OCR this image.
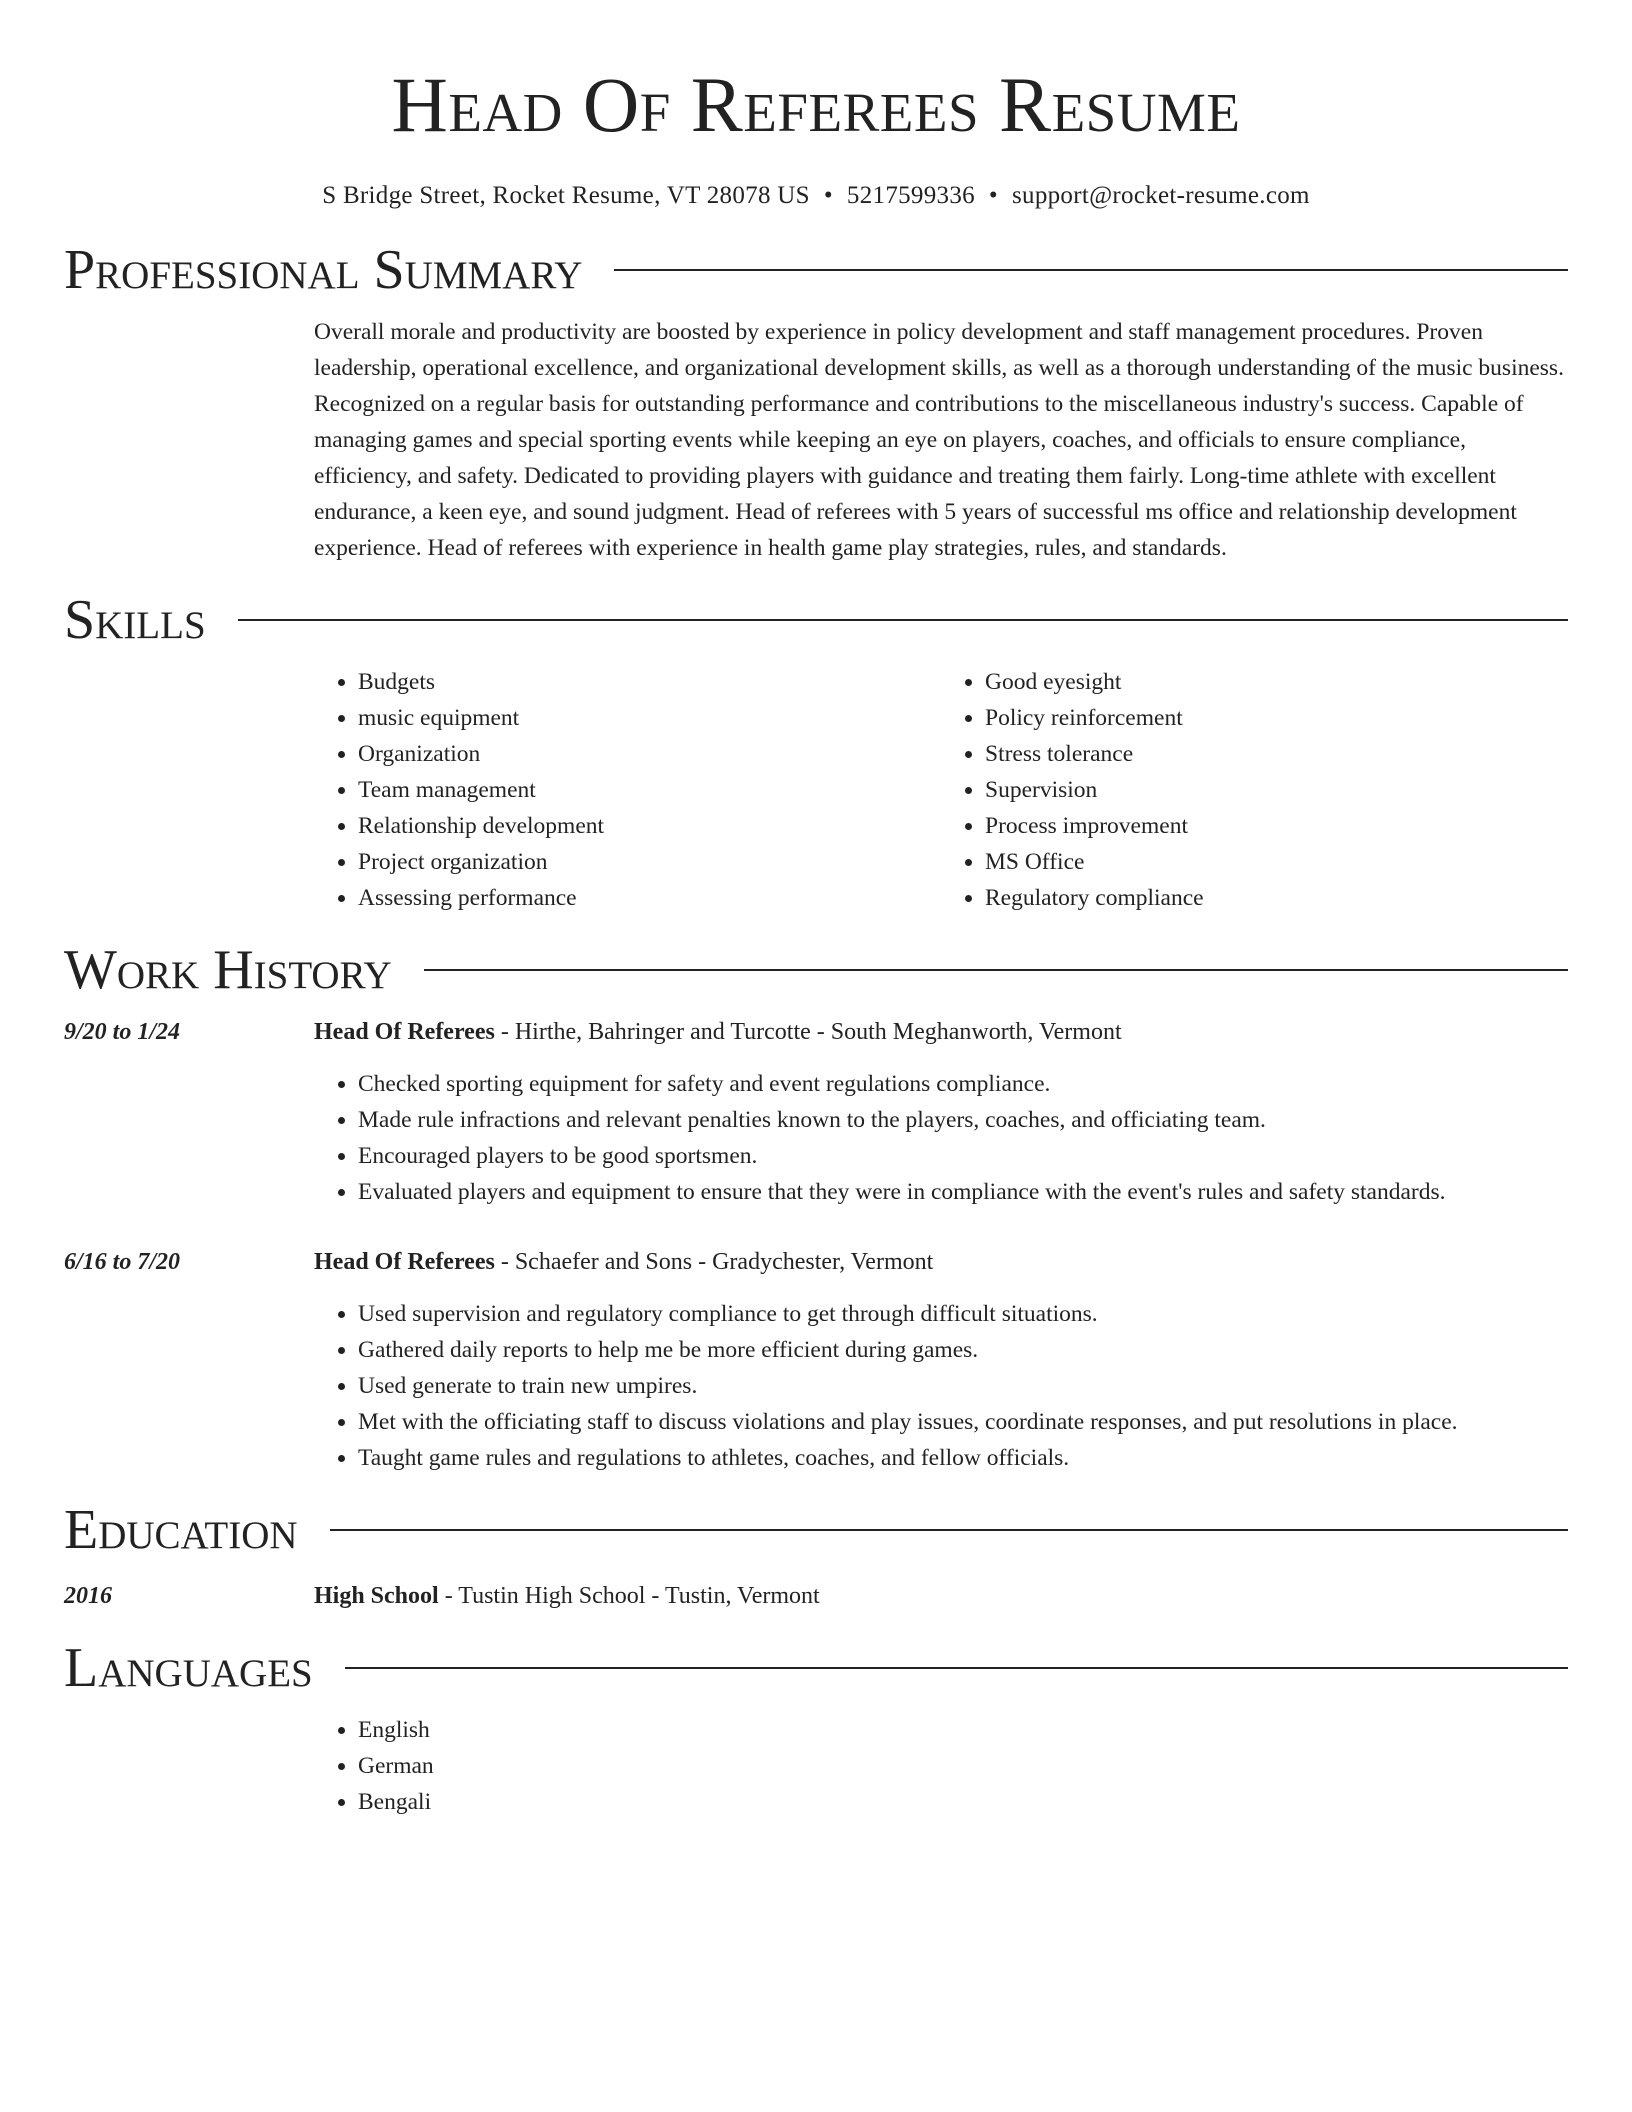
Head Of Referees Resume
S Bridge Street, Rocket Resume, VT 28078 US • 5217599336 • support@rocket-resume.com
Professional Summary

Overall morale and productivity are boosted by experience in policy development and staff management procedures. Proven leadership, operational excellence, and organizational development skills, as well as a thorough understanding of the music business. Recognized on a regular basis for outstanding performance and contributions to the miscellaneous industry's success. Capable of managing games and special sporting events while keeping an eye on players, coaches, and officials to ensure compliance, efficiency, and safety. Dedicated to providing players with guidance and treating them fairly. Long-time athlete with excellent endurance, a keen eye, and sound judgment. Head of referees with 5 years of successful ms office and relationship development experience. Head of referees with experience in health game play strategies, rules, and standards.

Skills
• Budgets
• music equipment
• Organization
• Team management
• Relationship development
• Project organization
• Assessing performance
• Good eyesight
• Policy reinforcement
• Stress tolerance
• Supervision
• Process improvement
• MS Office
• Regulatory compliance
Work History
9/20 to 1/24	Head Of Referees - Hirthe, Bahringer and Turcotte - South Meghanworth, Vermont
• Checked sporting equipment for safety and event regulations compliance.
• Made rule infractions and relevant penalties known to the players, coaches, and officiating team.
• Encouraged players to be good sportsmen.
• Evaluated players and equipment to ensure that they were in compliance with the event's rules and safety standards.
6/16 to 7/20	Head Of Referees - Schaefer and Sons - Gradychester, Vermont
• Used supervision and regulatory compliance to get through difficult situations.
• Gathered daily reports to help me be more efficient during games.
• Used generate to train new umpires.
• Met with the officiating staff to discuss violations and play issues, coordinate responses, and put resolutions in place.
• Taught game rules and regulations to athletes, coaches, and fellow officials.
Education
2016	High School - Tustin High School - Tustin, Vermont
Languages
• English
• German
• Bengali
